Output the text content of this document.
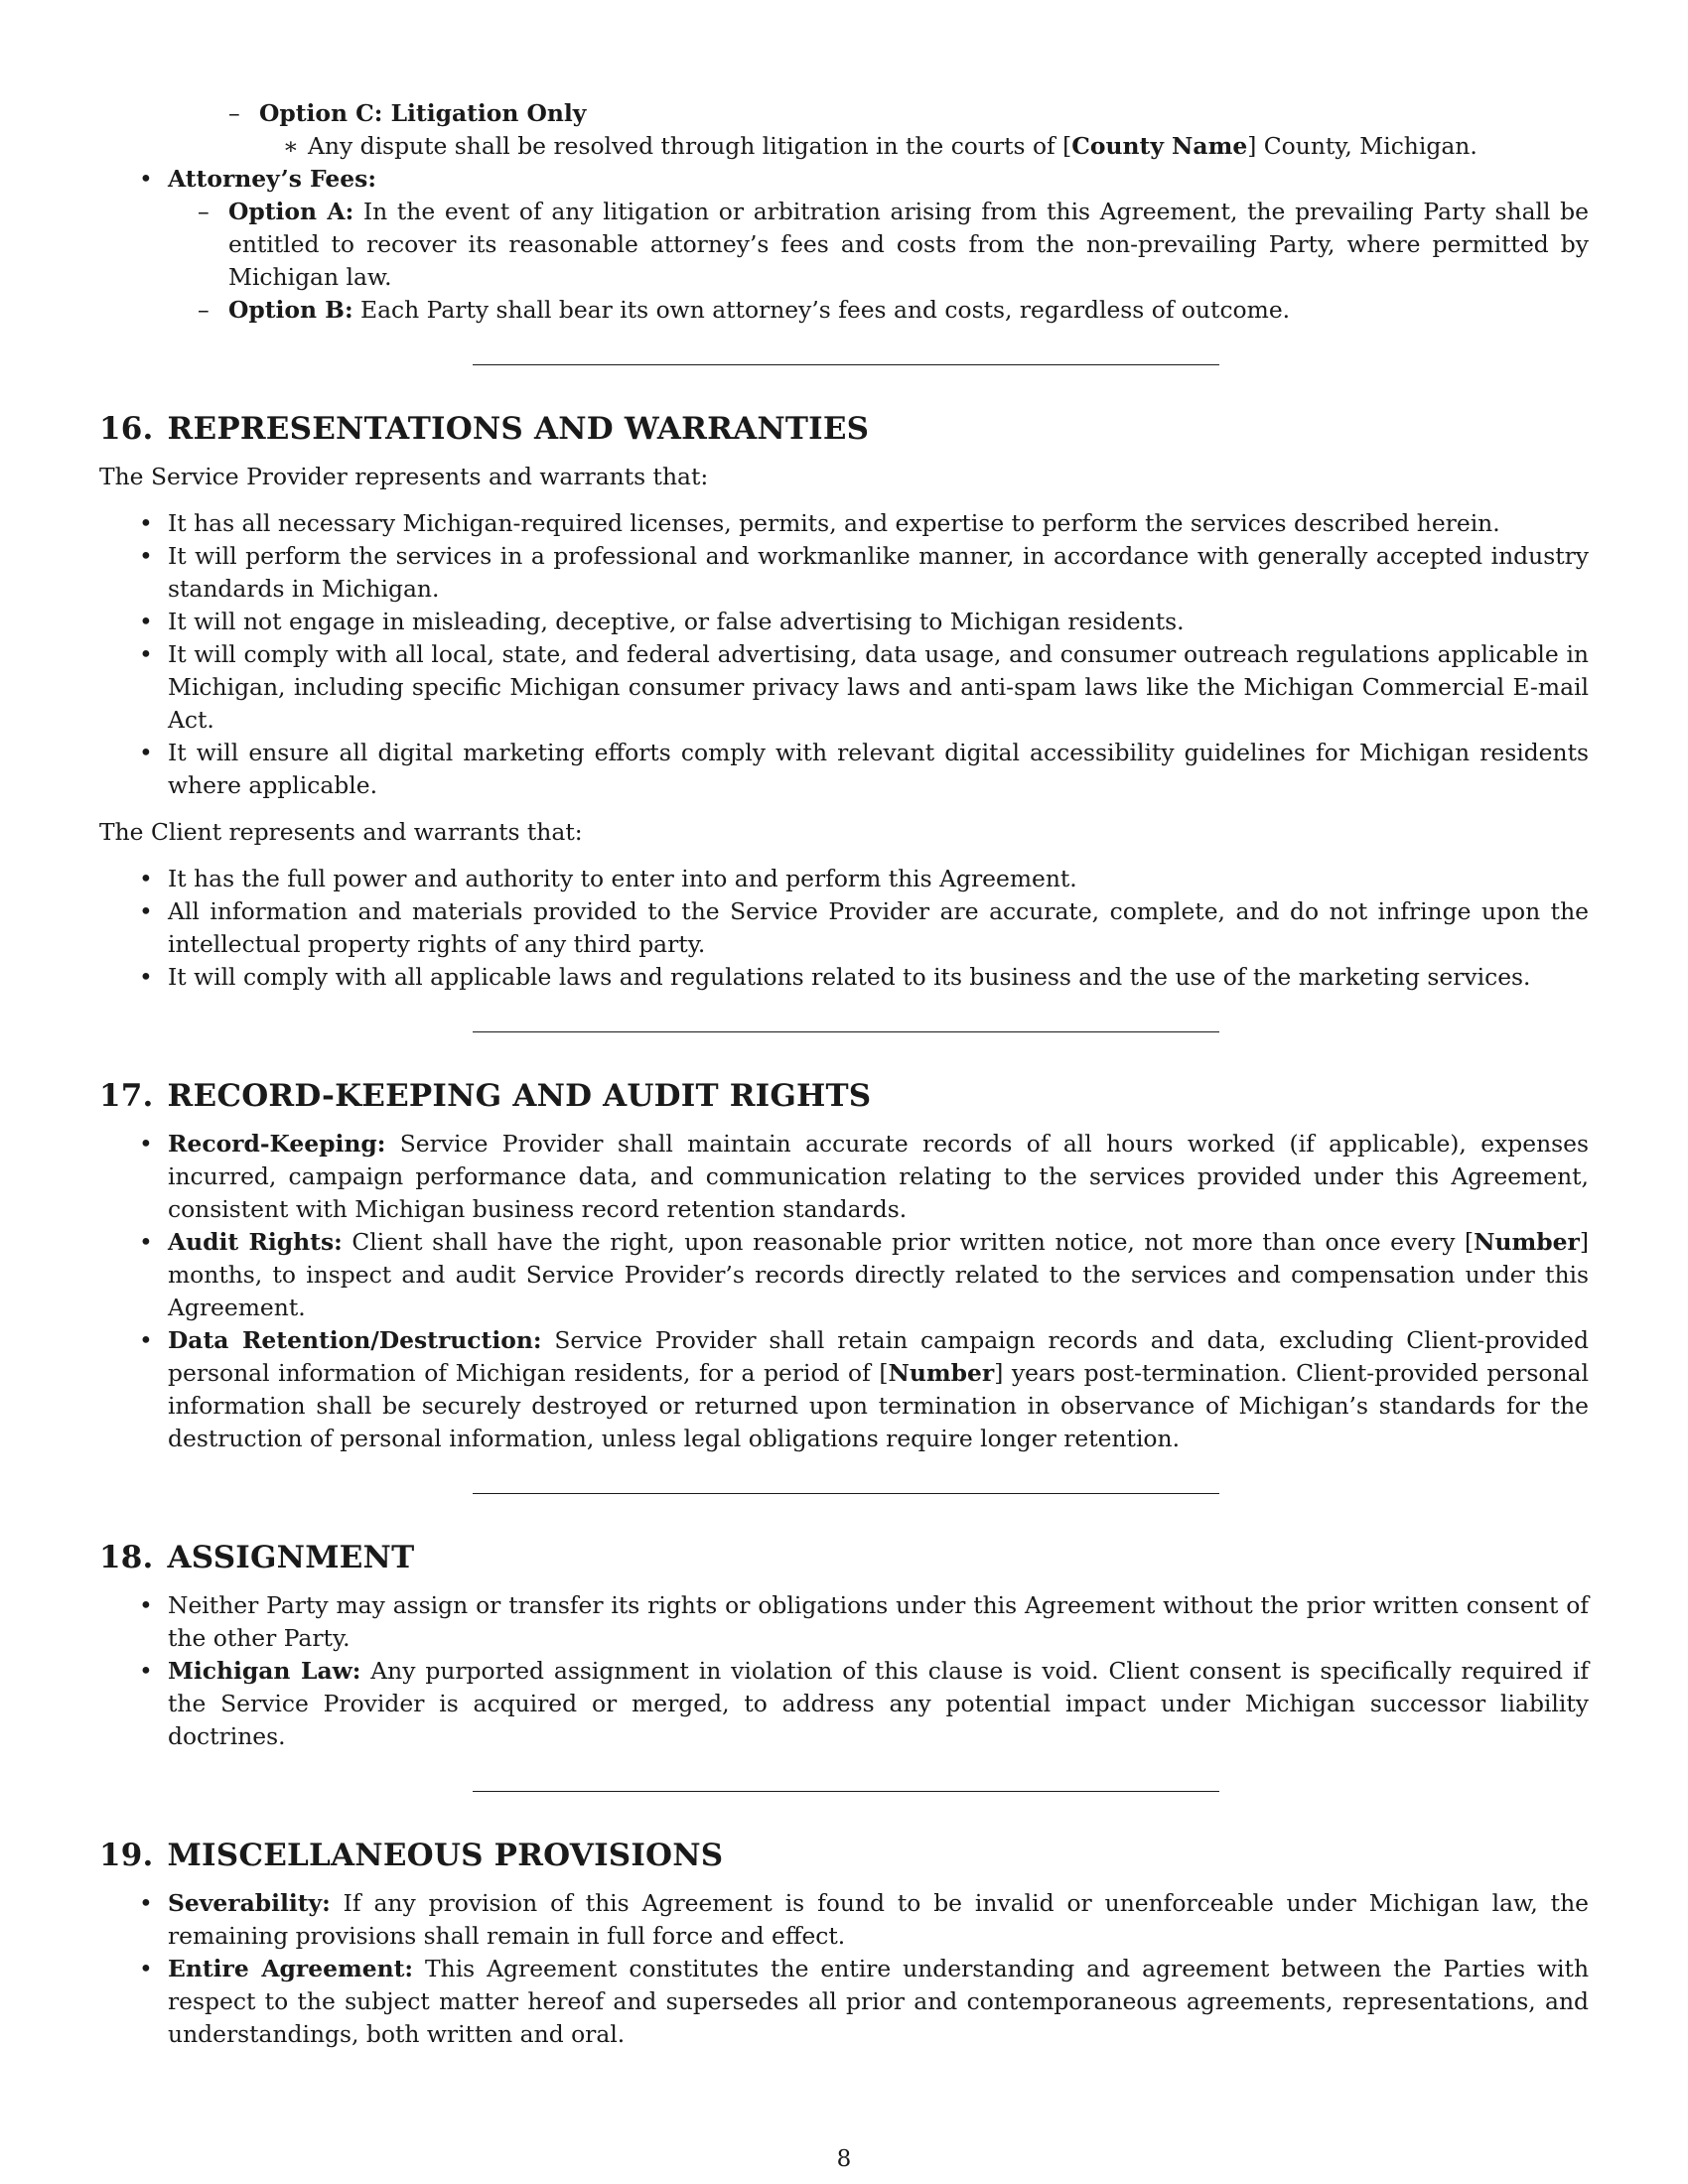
– Option C: Litigation Only
∗ Any dispute shall be resolved through litigation in the courts of [County Name] County, Michigan.
• Attorney’s Fees:
– Option A: In the event of any litigation or arbitration arising from this Agreement, the prevailing Party shall be entitled to recover its reasonable attorney’s fees and costs from the non-prevailing Party, where permitted by Michigan law.
– Option B: Each Party shall bear its own attorney’s fees and costs, regardless of outcome.
16. REPRESENTATIONS AND WARRANTIES

The Service Provider represents and warrants that:

• It has all necessary Michigan-required licenses, permits, and expertise to perform the services described herein.
• It will perform the services in a professional and workmanlike manner, in accordance with generally accepted industry standards in Michigan.
• It will not engage in misleading, deceptive, or false advertising to Michigan residents.
• It will comply with all local, state, and federal advertising, data usage, and consumer outreach regulations applicable in Michigan, including specific Michigan consumer privacy laws and anti-spam laws like the Michigan Commercial E-mail Act.
• It will ensure all digital marketing efforts comply with relevant digital accessibility guidelines for Michigan residents where applicable.

The Client represents and warrants that:

• It has the full power and authority to enter into and perform this Agreement.
• All information and materials provided to the Service Provider are accurate, complete, and do not infringe upon the intellectual property rights of any third party.
• It will comply with all applicable laws and regulations related to its business and the use of the marketing services.
17. RECORD-KEEPING AND AUDIT RIGHTS
• Record-Keeping: Service Provider shall maintain accurate records of all hours worked (if applicable), expenses incurred, campaign performance data, and communication relating to the services provided under this Agreement, consistent with Michigan business record retention standards.
• Audit Rights: Client shall have the right, upon reasonable prior written notice, not more than once every [Number] months, to inspect and audit Service Provider’s records directly related to the services and compensation under this Agreement.
• Data Retention/Destruction: Service Provider shall retain campaign records and data, excluding Client-provided personal information of Michigan residents, for a period of [Number] years post-termination. Client-provided personal information shall be securely destroyed or returned upon termination in observance of Michigan’s standards for the destruction of personal information, unless legal obligations require longer retention.
18. ASSIGNMENT
• Neither Party may assign or transfer its rights or obligations under this Agreement without the prior written consent of the other Party.
• Michigan Law: Any purported assignment in violation of this clause is void. Client consent is specifically required if the Service Provider is acquired or merged, to address any potential impact under Michigan successor liability doctrines.
19. MISCELLANEOUS PROVISIONS
• Severability: If any provision of this Agreement is found to be invalid or unenforceable under Michigan law, the remaining provisions shall remain in full force and effect.
• Entire Agreement: This Agreement constitutes the entire understanding and agreement between the Parties with respect to the subject matter hereof and supersedes all prior and contemporaneous agreements, representations, and understandings, both written and oral.
8
